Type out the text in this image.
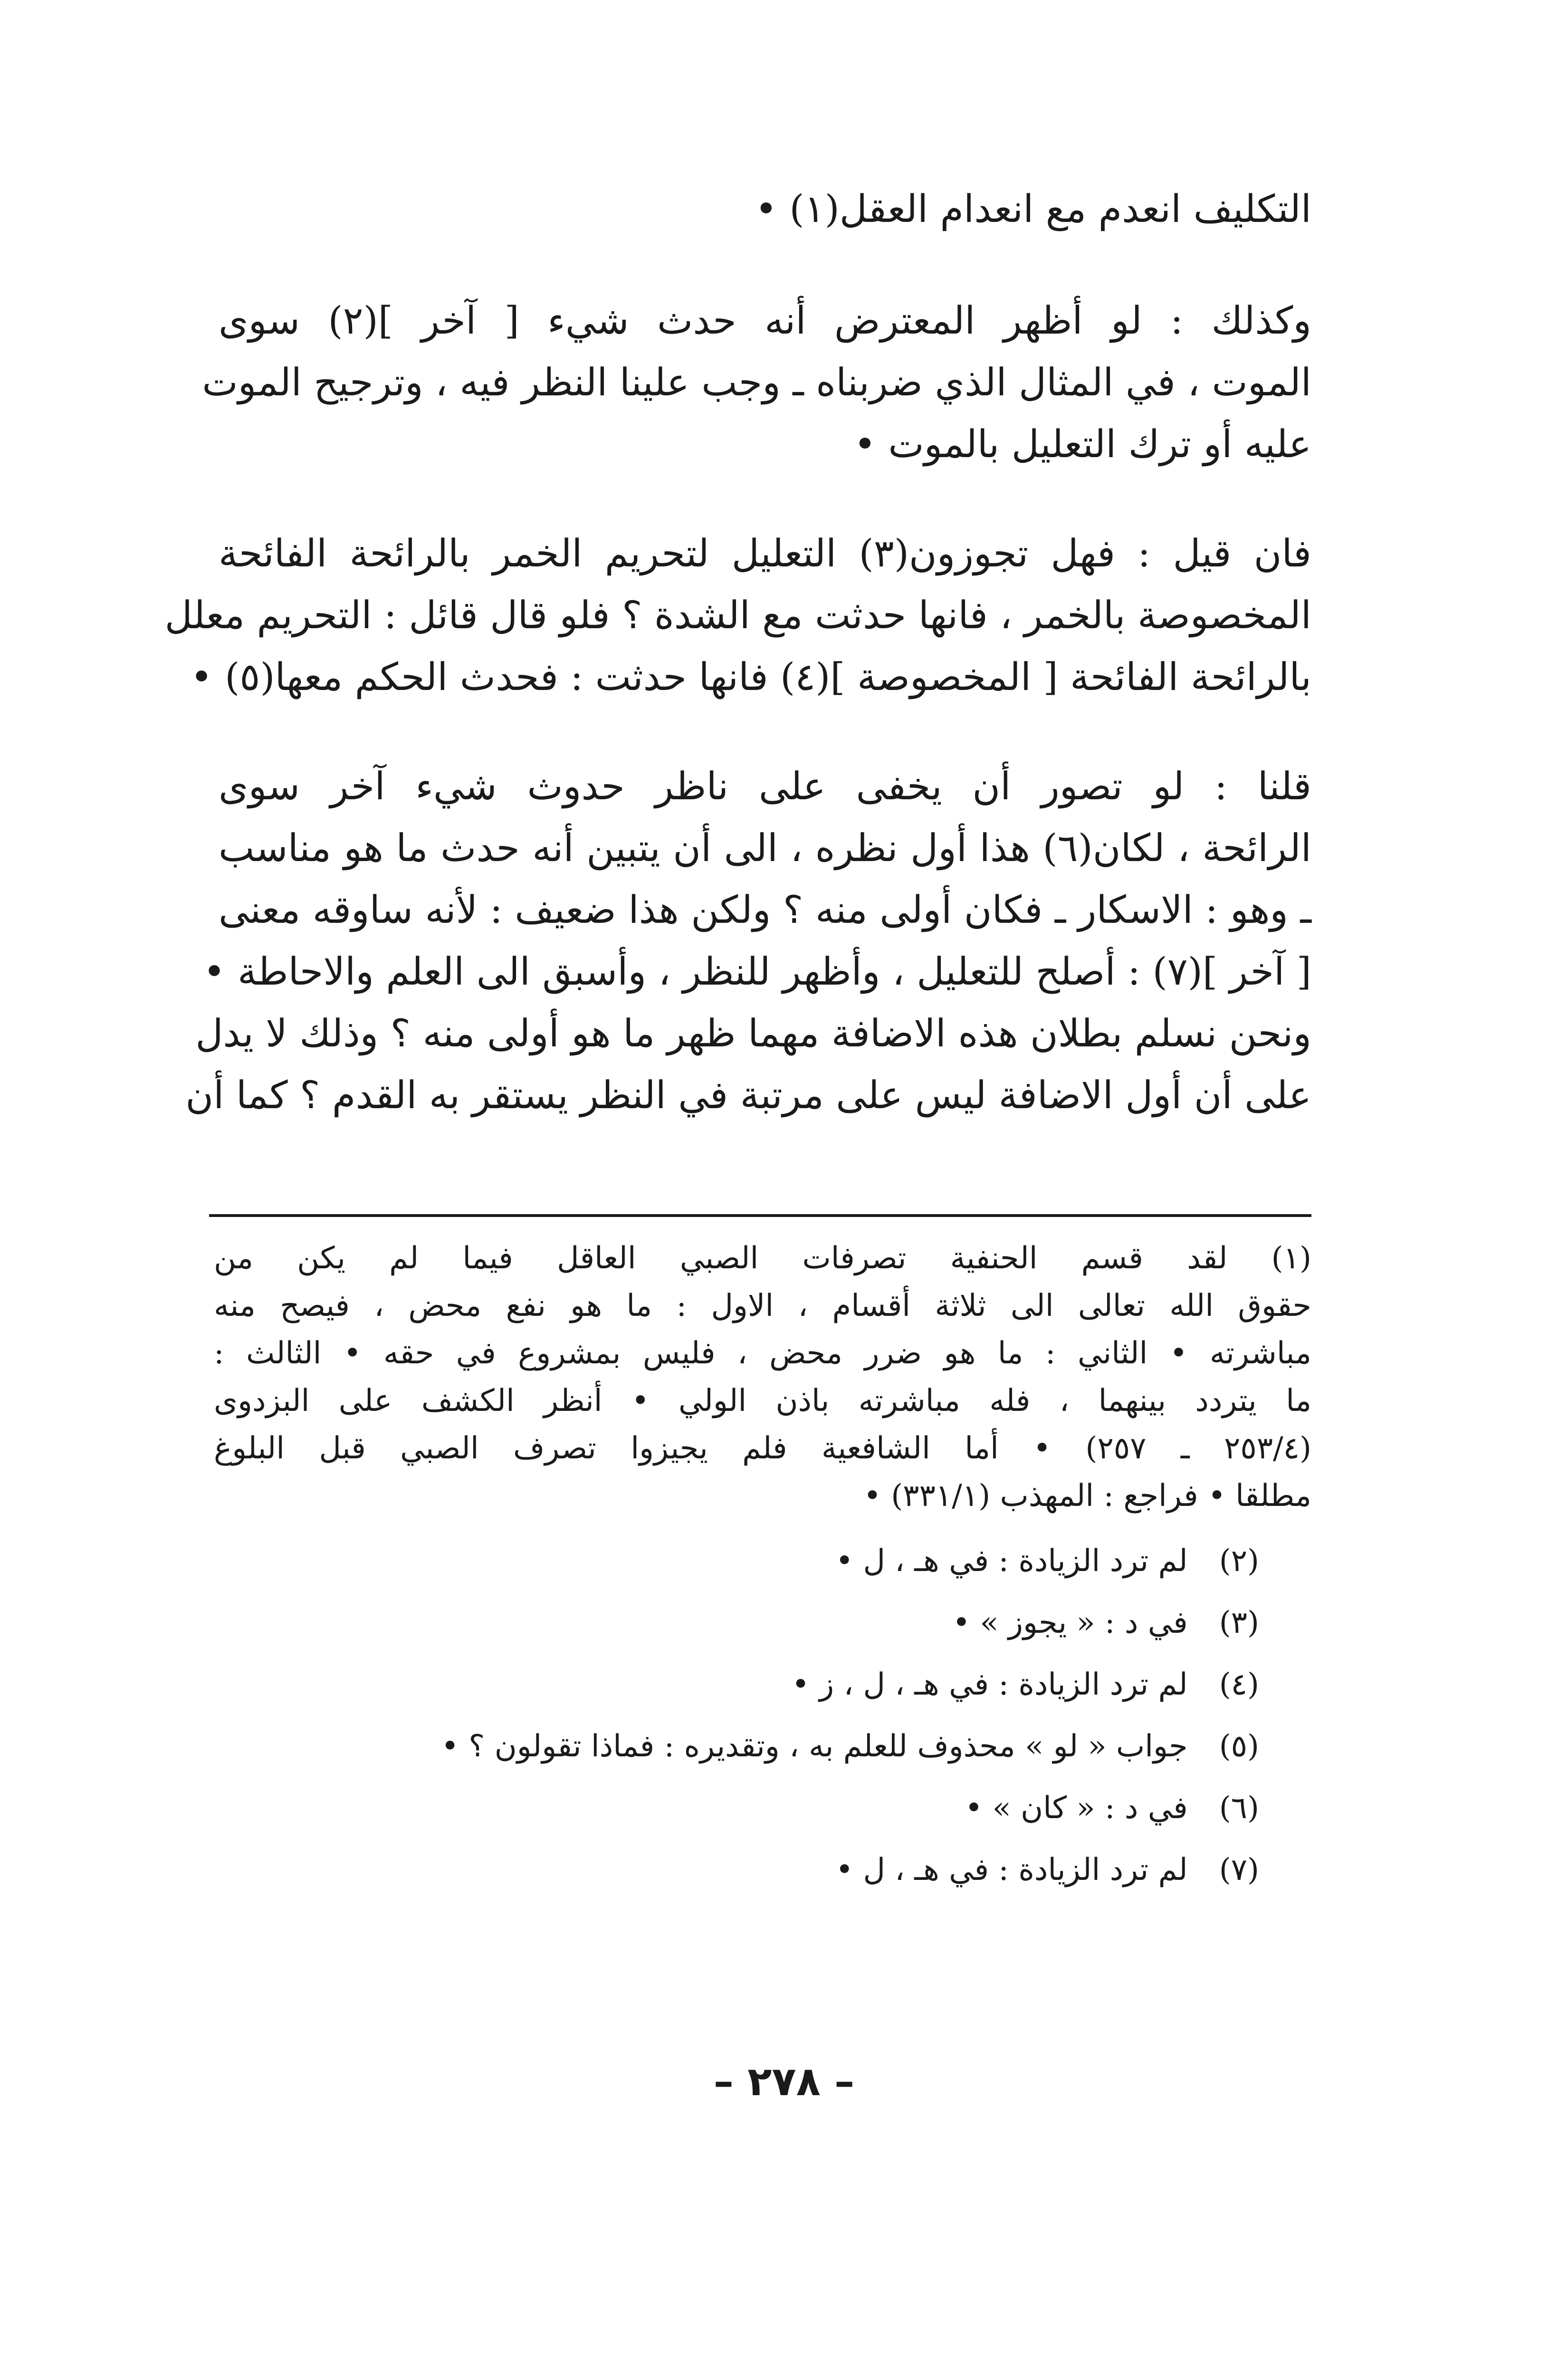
التكليف انعدم مع انعدام العقل(١) •
وكذلك : لو أظهر المعترض أنه حدث شيء [ آخر ](٢) سوى
الموت ، في المثال الذي ضربناه ـ وجب علينا النظر فيه ، وترجيح الموت
عليه أو ترك التعليل بالموت •
فان قيل : فهل تجوزون(٣) التعليل لتحريم الخمر بالرائحة الفائحة
المخصوصة بالخمر ، فانها حدثت مع الشدة ؟ فلو قال قائل : التحريم معلل
بالرائحة الفائحة [ المخصوصة ](٤) فانها حدثت : فحدث الحكم معها(٥) •
قلنا : لو تصور أن يخفى على ناظر حدوث شيء آخر سوى
الرائحة ، لكان(٦) هذا أول نظره ، الى أن يتبين أنه حدث ما هو مناسب
ـ وهو : الاسكار ـ فكان أولى منه ؟ ولكن هذا ضعيف : لأنه ساوقه معنى
[ آخر ](٧) : أصلح للتعليل ، وأظهر للنظر ، وأسبق الى العلم والاحاطة •
ونحن نسلم بطلان هذه الاضافة مهما ظهر ما هو أولى منه ؟ وذلك لا يدل
على أن أول الاضافة ليس على مرتبة في النظر يستقر به القدم ؟ كما أن
(١) لقد قسم الحنفية تصرفات الصبي العاقل فيما لم يكن من
حقوق الله تعالى الى ثلاثة أقسام ، الاول : ما هو نفع محض ، فيصح منه
مباشرته • الثاني : ما هو ضرر محض ، فليس بمشروع في حقه • الثالث :
ما يتردد بينهما ، فله مباشرته باذن الولي • أنظر الكشف على البزدوى
(٢٥٣/٤ ـ ٢٥٧) • أما الشافعية فلم يجيزوا تصرف الصبي قبل البلوغ
مطلقا • فراجع : المهذب (٣٣١/١) •
(٢) لم ترد الزيادة : في هـ ، ل •
(٣) في د : « يجوز » •
(٤) لم ترد الزيادة : في هـ ، ل ، ز •
(٥) جواب « لو » محذوف للعلم به ، وتقديره : فماذا تقولون ؟ •
(٦) في د : « كان » •
(٧) لم ترد الزيادة : في هـ ، ل •
– ٢٧٨ –
